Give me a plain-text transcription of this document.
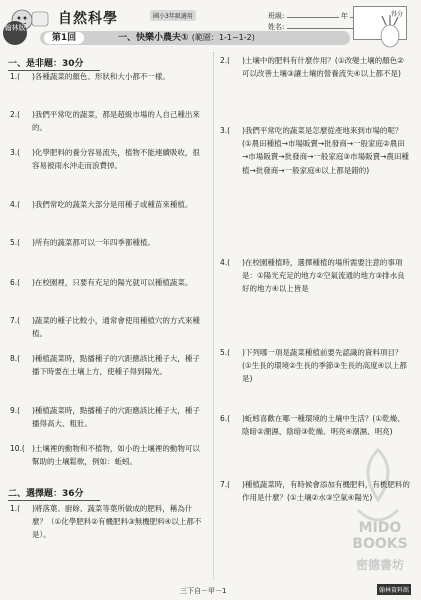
翰林版
自然科學	國小3年級適用	班級:	年
姓名:
得分
第1回	一、快樂小農夫① (範圍：1-1~1-2)
一、是非題：30分
1.(	)各種蔬菜的顏色、形狀和大小都不一樣。
2.(	)我們平常吃的蔬菜，都是超級市場的人自己種出來的。
3.(	)化學肥料的養分容易流失，植物不能連續吸收，很容易被雨水沖走而浪費掉。
4.(	)我們常吃的蔬菜大部分是用種子或種苗來種植。
5.(	)所有的蔬菜都可以一年四季都種植。
6.(	)在校園裡，只要有充足的陽光就可以種植蔬菜。
7.(	)蔬菜的種子比較小，通常會使用種植穴的方式來種植。
8.(	)種植蔬菜時，點播種子的穴距應該比種子大，種子播下時要在土壤上方，使種子得到陽光。
9.(	)種植蔬菜時，點播種子的穴距應該比種子大，種子播得高大、粗壯。
10.( )土壤裡的動物和不植物，如小的土壤裡的動物可以幫助的土壤鬆軟，例如：蚯蚓。
二、選擇題：36分
1.(	)將落葉、廚餘、蔬菜等葉所做成的肥料，稱為什麼？（①化學肥料②有機肥料③無機肥料④以上都不是）。
2.(	)土壤中的肥料有什麼作用？(①改變土壤的顏色②可以改善土壤③讓土壤的營養流失④以上都不是)
3.(	)我們平常吃的蔬菜是怎麼從產地來到市場的呢？(①農田種植→市場販賣→批發商→一般家庭②農田→市場販賣→批發商→一般家庭③市場販賣→農田種植→批發商→一般家庭④以上都是錯的)
4.(	)在校園種植時，選擇種植的場所需要注意的事項是：①陽光充足的地方②空氣流通的地方③排水良好的地方④以上皆是
5.(	)下列哪一項是蔬菜種植前要先認識的資料項目？(①生長的環境②生長的季節③生長的高度④以上都是)
6.(	)蚯蚓喜歡在哪一種環境的土壤中生活？(①乾燥、陰暗②潮濕、陰暗③乾燥、明亮④潮濕、明亮)
7.(	)種植蔬菜時，有時候會添加有機肥料，有機肥料的作用是什麼？(①土壤②水③空氣④陽光)
MIDO
BOOKS
密德書坊
三下自－甲－1	翰林資料館
